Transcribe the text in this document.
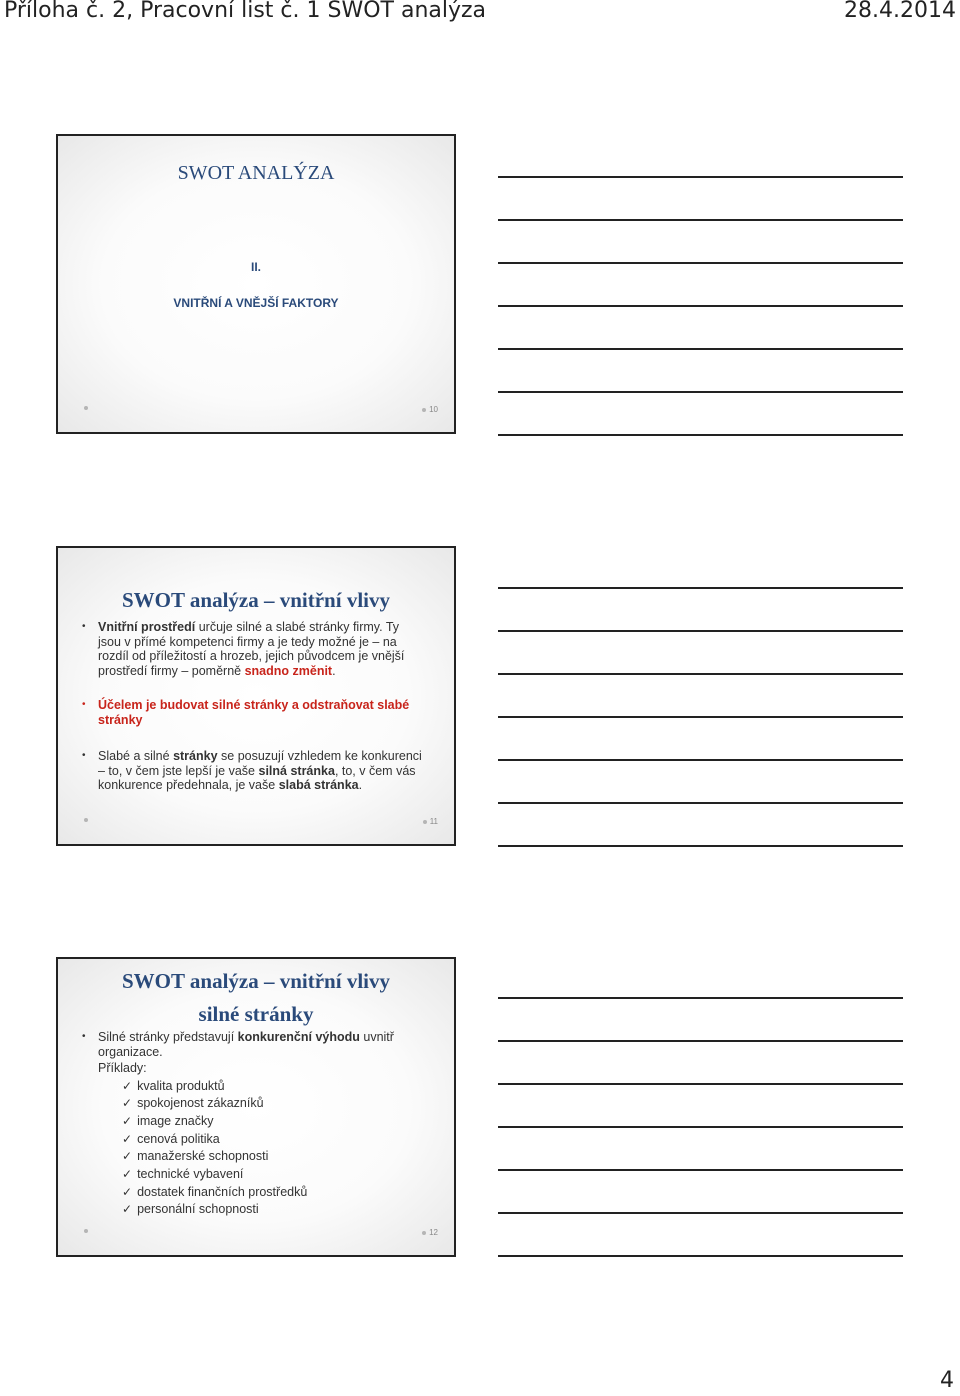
Příloha č. 2, Pracovní list č. 1 SWOT analýza	28.4.2014
SWOT ANALÝZA
II.
VNITŘNÍ A VNĚJŠÍ FAKTORY
10
SWOT analýza – vnitřní vlivy

• Vnitřní prostředí určuje silné a slabé stránky firmy. Ty jsou v přímé kompetenci firmy a je tedy možné je – na rozdíl od příležitostí a hrozeb, jejich původcem je vnější prostředí firmy – poměrně snadno změnit.

• Účelem je budovat silné stránky a odstraňovat slabé stránky

• Slabé a silné stránky se posuzují vzhledem ke konkurenci – to, v čem jste lepší je vaše silná stránka, to, v čem vás konkurence předehnala, je vaše slabá stránka.

11
SWOT analýza – vnitřní vlivy
silné stránky

• Silné stránky představují konkurenční výhodu uvnitř organizace.

Příklady:

✓ kvalita produktů
✓ spokojenost zákazníků
✓ image značky
✓ cenová politika
✓ manažerské schopnosti
✓ technické vybavení
✓ dostatek finančních prostředků
✓ personální schopnosti
12
4
